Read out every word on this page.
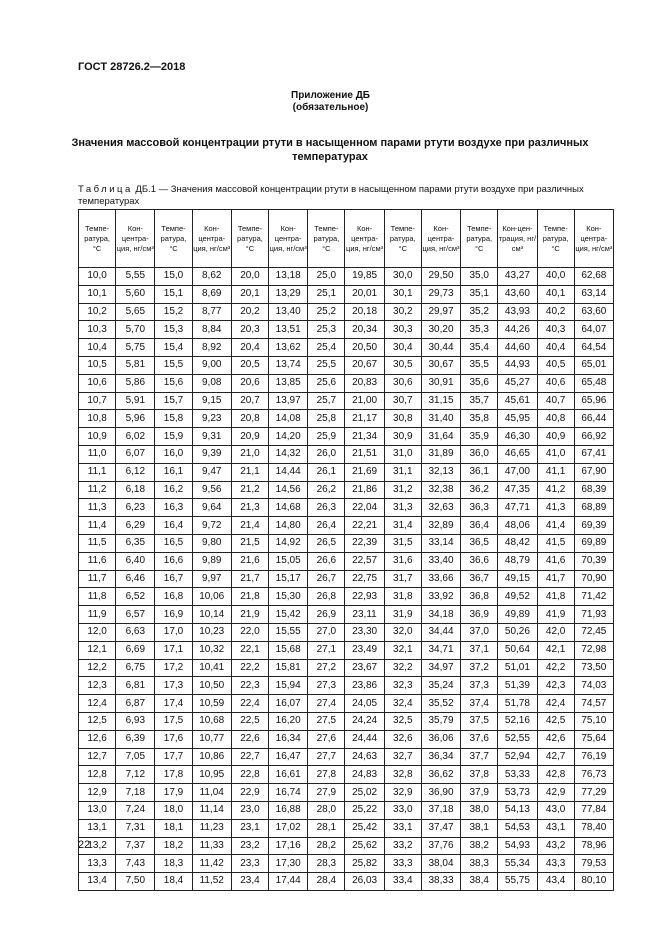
ГОСТ 28726.2—2018
Приложение ДБ
(обязательное)
Значения массовой концентрации ртути в насыщенном парами ртути воздухе при различных температурах
Таблица ДБ.1 — Значения массовой концентрации ртути в насыщенном парами ртути воздухе при различных температурах
Темпе-ратура, °C	Кон-центра-ция, нг/см³	Темпе-ратура, °C	Кон-центра-ция, нг/см³	Темпе-ратура, °C	Кон-центра-ция, нг/см³	Темпе-ратура, °C	Кон-центра-ция, нг/см³	Темпе-ратура, °C	Кон-центра-ция, нг/см³	Темпе-ратура, °C	Кон-цен-трация, нг/см³	Темпе-ратура, °C	Кон-центра-ция, нг/см³
10,0	5,55	15,0	8,62	20,0	13,18	25,0	19,85	30,0	29,50	35,0	43,27	40,0	62,68
10,1	5,60	15,1	8,69	20,1	13,29	25,1	20,01	30,1	29,73	35,1	43,60	40,1	63,14
10,2	5,65	15,2	8,77	20,2	13,40	25,2	20,18	30,2	29,97	35,2	43,93	40,2	63,60
10,3	5,70	15,3	8,84	20,3	13,51	25,3	20,34	30,3	30,20	35,3	44,26	40,3	64,07
10,4	5,75	15,4	8,92	20,4	13,62	25,4	20,50	30,4	30,44	35,4	44,60	40,4	64,54
10,5	5,81	15,5	9,00	20,5	13,74	25,5	20,67	30,5	30,67	35,5	44,93	40,5	65,01
10,6	5,86	15,6	9,08	20,6	13,85	25,6	20,83	30,6	30,91	35,6	45,27	40,6	65,48
10,7	5,91	15,7	9,15	20,7	13,97	25,7	21,00	30,7	31,15	35,7	45,61	40,7	65,96
10,8	5,96	15,8	9,23	20,8	14,08	25,8	21,17	30,8	31,40	35,8	45,95	40,8	66,44
10,9	6,02	15,9	9,31	20,9	14,20	25,9	21,34	30,9	31,64	35,9	46,30	40,9	66,92
11,0	6,07	16,0	9,39	21,0	14,32	26,0	21,51	31,0	31,89	36,0	46,65	41,0	67,41
11,1	6,12	16,1	9,47	21,1	14,44	26,1	21,69	31,1	32,13	36,1	47,00	41,1	67,90
11,2	6,18	16,2	9,56	21,2	14,56	26,2	21,86	31,2	32,38	36,2	47,35	41,2	68,39
11,3	6,23	16,3	9,64	21,3	14,68	26,3	22,04	31,3	32,63	36,3	47,71	41,3	68,89
11,4	6,29	16,4	9,72	21,4	14,80	26,4	22,21	31,4	32,89	36,4	48,06	41,4	69,39
11,5	6,35	16,5	9,80	21,5	14,92	26,5	22,39	31,5	33,14	36,5	48,42	41,5	69,89
11,6	6,40	16,6	9,89	21,6	15,05	26,6	22,57	31,6	33,40	36,6	48,79	41,6	70,39
11,7	6,46	16,7	9,97	21,7	15,17	26,7	22,75	31,7	33,66	36,7	49,15	41,7	70,90
11,8	6,52	16,8	10,06	21,8	15,30	26,8	22,93	31,8	33,92	36,8	49,52	41,8	71,42
11,9	6,57	16,9	10,14	21,9	15,42	26,9	23,11	31,9	34,18	36,9	49,89	41,9	71,93
12,0	6,63	17,0	10,23	22,0	15,55	27,0	23,30	32,0	34,44	37,0	50,26	42,0	72,45
12,1	6,69	17,1	10,32	22,1	15,68	27,1	23,49	32,1	34,71	37,1	50,64	42,1	72,98
12,2	6,75	17,2	10,41	22,2	15,81	27,2	23,67	32,2	34,97	37,2	51,01	42,2	73,50
12,3	6,81	17,3	10,50	22,3	15,94	27,3	23,86	32,3	35,24	37,3	51,39	42,3	74,03
12,4	6,87	17,4	10,59	22,4	16,07	27,4	24,05	32,4	35,52	37,4	51,78	42,4	74,57
12,5	6,93	17,5	10,68	22,5	16,20	27,5	24,24	32,5	35,79	37,5	52,16	42,5	75,10
12,6	6,39	17,6	10,77	22,6	16,34	27,6	24,44	32,6	36,06	37,6	52,55	42,6	75,64
12,7	7,05	17,7	10,86	22,7	16,47	27,7	24,63	32,7	36,34	37,7	52,94	42,7	76,19
12,8	7,12	17,8	10,95	22,8	16,61	27,8	24,83	32,8	36,62	37,8	53,33	42,8	76,73
12,9	7,18	17,9	11,04	22,9	16,74	27,9	25,02	32,9	36,90	37,9	53,73	42,9	77,29
13,0	7,24	18,0	11,14	23,0	16,88	28,0	25,22	33,0	37,18	38,0	54,13	43,0	77,84
13,1	7,31	18,1	11,23	23,1	17,02	28,1	25,42	33,1	37,47	38,1	54,53	43,1	78,40
13,2	7,37	18,2	11,33	23,2	17,16	28,2	25,62	33,2	37,76	38,2	54,93	43,2	78,96
13,3	7,43	18,3	11,42	23,3	17,30	28,3	25,82	33,3	38,04	38,3	55,34	43,3	79,53
13,4	7,50	18,4	11,52	23,4	17,44	28,4	26,03	33,4	38,33	38,4	55,75	43,4	80,10
22
